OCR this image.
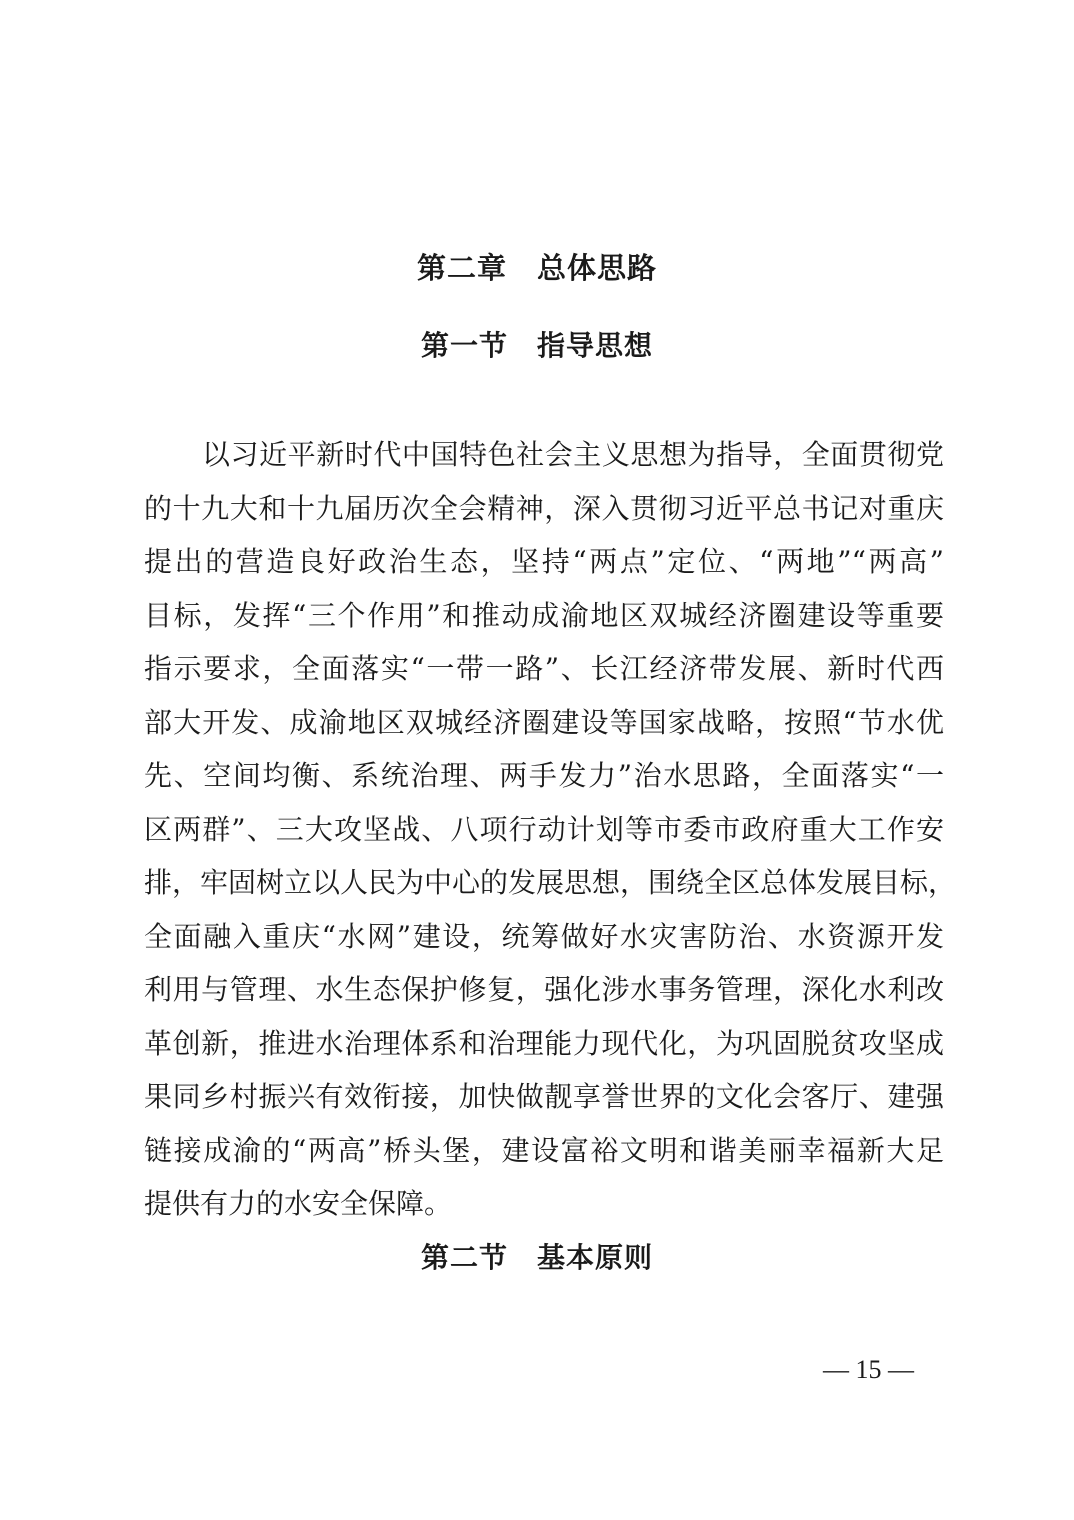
第二章　总体思路
第一节　指导思想
以习近平新时代中国特色社会主义思想为指导，全面贯彻党
的十九大和十九届历次全会精神，深入贯彻习近平总书记对重庆
提出的营造良好政治生态，坚持“两点”定位、“两地”“两高”
目标，发挥“三个作用”和推动成渝地区双城经济圈建设等重要
指示要求，全面落实“一带一路”、长江经济带发展、新时代西
部大开发、成渝地区双城经济圈建设等国家战略，按照“节水优
先、空间均衡、系统治理、两手发力”治水思路，全面落实“一
区两群”、三大攻坚战、八项行动计划等市委市政府重大工作安
排，牢固树立以人民为中心的发展思想，围绕全区总体发展目标，
全面融入重庆“水网”建设，统筹做好水灾害防治、水资源开发
利用与管理、水生态保护修复，强化涉水事务管理，深化水利改
革创新，推进水治理体系和治理能力现代化，为巩固脱贫攻坚成
果同乡村振兴有效衔接，加快做靓享誉世界的文化会客厅、建强
链接成渝的“两高”桥头堡，建设富裕文明和谐美丽幸福新大足
提供有力的水安全保障。
第二节　基本原则
— 15 —
